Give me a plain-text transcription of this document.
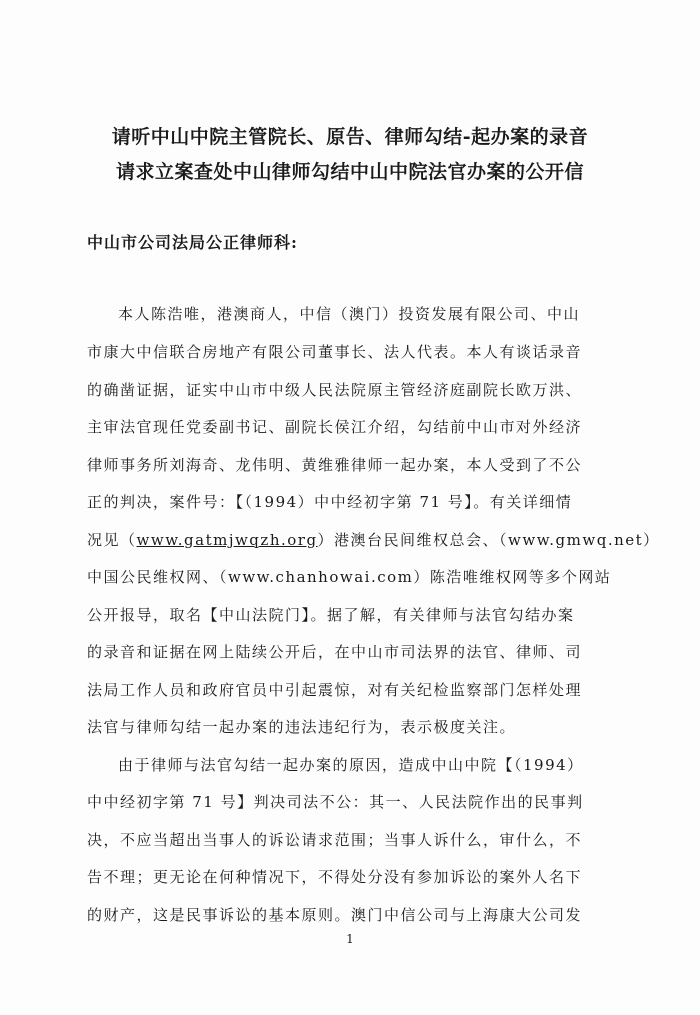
请听中山中院主管院长、原告、律师勾结‐起办案的录音
请求立案查处中山律师勾结中山中院法官办案的公开信
中山市公司法局公正律师科:
本人陈浩唯，港澳商人，中信（澳门）投资发展有限公司、中山
市康大中信联合房地产有限公司董事长、法人代表。本人有谈话录音
的确凿证据，证实中山市中级人民法院原主管经济庭副院长欧万洪、
主审法官现任党委副书记、副院长侯江介绍，勾结前中山市对外经济
律师事务所刘海奇、龙伟明、黄维雅律师一起办案，本人受到了不公
正的判决，案件号：【（1994）中中经初字第 71 号】。有关详细情
况见（www.gatmjwqzh.org）港澳台民间维权总会、（www.gmwq.net）
中国公民维权网、（www.chanhowai.com）陈浩唯维权网等多个网站
公开报导，取名【中山法院门】。据了解，有关律师与法官勾结办案
的录音和证据在网上陆续公开后，在中山市司法界的法官、律师、司
法局工作人员和政府官员中引起震惊，对有关纪检监察部门怎样处理
法官与律师勾结一起办案的违法违纪行为，表示极度关注。
由于律师与法官勾结一起办案的原因，造成中山中院【（1994）
中中经初字第 71 号】判决司法不公：其一、人民法院作出的民事判
决，不应当超出当事人的诉讼请求范围；当事人诉什么，审什么，不
告不理；更无论在何种情况下，不得处分没有参加诉讼的案外人名下
的财产，这是民事诉讼的基本原则。澳门中信公司与上海康大公司发
1
